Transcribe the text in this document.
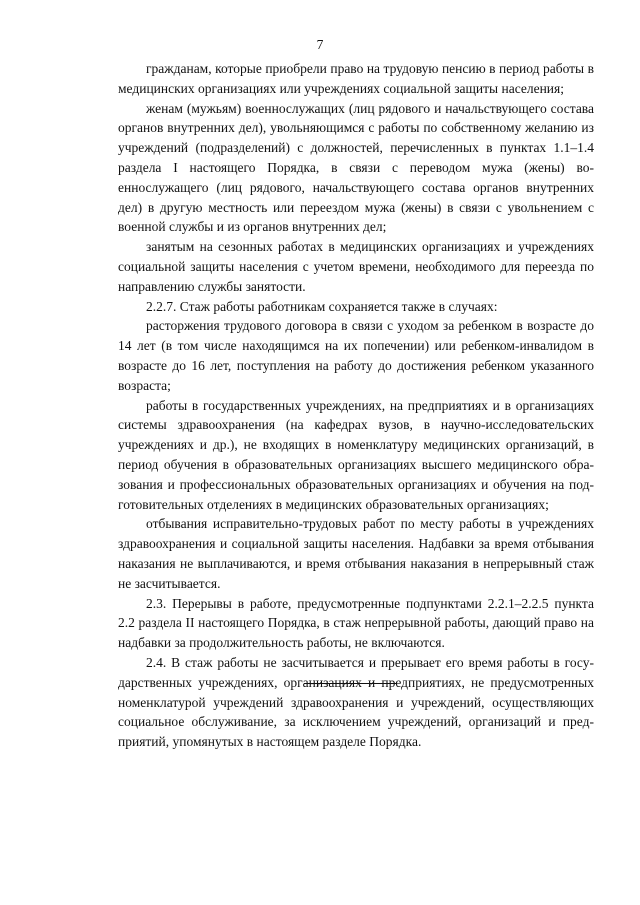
7

гражданам, которые приобрели право на трудовую пенсию в период работы в медицинских организациях или учреждениях социальной защиты населения;

женам (мужьям) военнослужащих (лиц рядового и начальствующего состава органов внутренних дел), увольняющимся с работы по собственному желанию из учреждений (подразделений) с должностей, перечисленных в пунктах 1.1–1.4 раздела I настоящего Порядка, в связи с переводом мужа (жены) военнослужащего (лиц рядового, начальствующего состава органов внутренних дел) в другую местность или переездом мужа (жены) в связи с увольнением с военной службы и из органов внутренних дел;

занятым на сезонных работах в медицинских организациях и учреждениях социальной защиты населения с учетом времени, необходимого для переезда по направлению службы занятости.

2.2.7. Стаж работы работникам сохраняется также в случаях:

расторжения трудового договора в связи с уходом за ребенком в возрасте до 14 лет (в том числе находящимся на их попечении) или ребенком-инвалидом в возрасте до 16 лет, поступления на работу до достижения ребенком указанного возраста;

работы в государственных учреждениях, на предприятиях и в организациях системы здравоохранения (на кафедрах вузов, в научно-исследовательских учреждениях и др.), не входящих в номенклатуру медицинских организаций, в период обучения в образовательных организациях высшего медицинского образования и профессиональных образовательных организациях и обучения на подготовительных отделениях в медицинских образовательных организациях;

отбывания исправительно-трудовых работ по месту работы в учреждениях здравоохранения и социальной защиты населения. Надбавки за время отбывания наказания не выплачиваются, и время отбывания наказания в непрерывный стаж не засчитывается.

2.3. Перерывы в работе, предусмотренные подпунктами 2.2.1–2.2.5 пункта 2.2 раздела II настоящего Порядка, в стаж непрерывной работы, дающий право на надбавки за продолжительность работы, не включаются.

2.4. В стаж работы не засчитывается и прерывает его время работы в государственных учреждениях, организациях и предприятиях, не предусмотренных номенклатурой учреждений здравоохранения и учреждений, осуществляющих социальное обслуживание, за исключением учреждений, организаций и предприятий, упомянутых в настоящем разделе Порядка.
